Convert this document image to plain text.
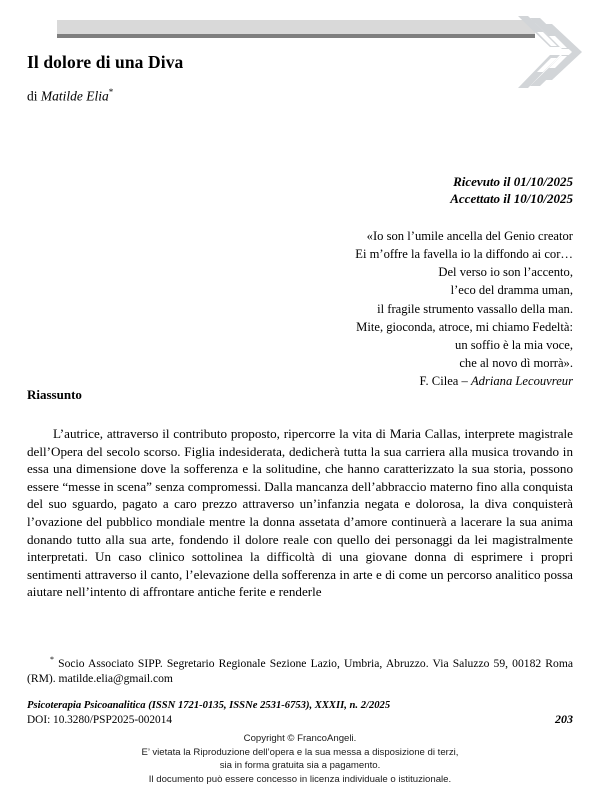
Il dolore di una Diva

di Matilde Elia*

Ricevuto il 01/10/2025
Accettato il 10/10/2025
«Io son l’umile ancella del Genio creator
Ei m’offre la favella io la diffondo ai cor…
Del verso io son l’accento,
l’eco del dramma uman,
il fragile strumento vassallo della man.
Mite, gioconda, atroce, mi chiamo Fedeltà:
un soffio è la mia voce,
che al novo dì morrà».
F. Cilea – Adriana Lecouvreur
Riassunto
L’autrice, attraverso il contributo proposto, ripercorre la vita di Maria Callas, interprete magistrale dell’Opera del secolo scorso. Figlia indesiderata, dedicherà tutta la sua carriera alla musica trovando in essa una dimensione dove la sofferenza e la solitudine, che hanno caratterizzato la sua storia, possono essere “messe in scena” senza compromessi. Dalla mancanza dell’abbraccio materno fino alla conquista del suo sguardo, pagato a caro prezzo attraverso un’infanzia negata e dolorosa, la diva conquisterà l’ovazione del pubblico mondiale mentre la donna assetata d’amore continuerà a lacerare la sua anima donando tutto alla sua arte, fondendo il dolore reale con quello dei personaggi da lei magistralmente interpretati. Un caso clinico sottolinea la difficoltà di una giovane donna di esprimere i propri sentimenti attraverso il canto, l’elevazione della sofferenza in arte e di come un percorso analitico possa aiutare nell’intento di affrontare antiche ferite e renderle
* Socio Associato SIPP. Segretario Regionale Sezione Lazio, Umbria, Abruzzo. Via Saluzzo 59, 00182 Roma (RM). matilde.elia@gmail.com
Psicoterapia Psicoanalitica (ISSN 1721-0135, ISSNe 2531-6753), XXXII, n. 2/2025
DOI: 10.3280/PSP2025-002014	203
Copyright © FrancoAngeli.
E’ vietata la Riproduzione dell’opera e la sua messa a disposizione di terzi,
sia in forma gratuita sia a pagamento.
Il documento può essere concesso in licenza individuale o istituzionale.
